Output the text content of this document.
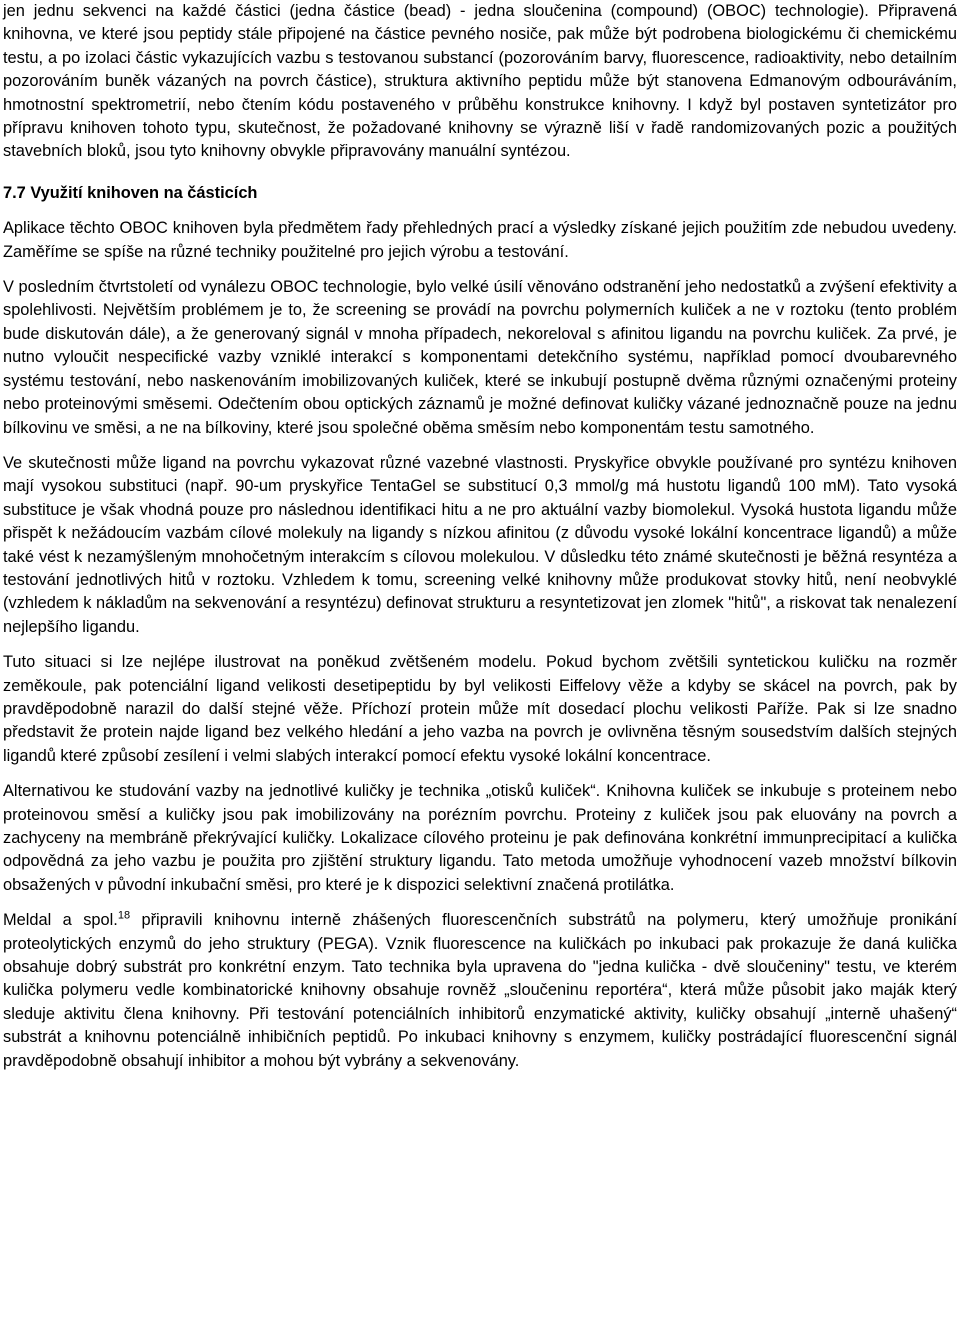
jen jednu sekvenci na každé částici (jedna částice (bead) - jedna sloučenina (compound) (OBOC) technologie). Připravená knihovna, ve které jsou peptidy stále připojené na částice pevného nosiče, pak může být podrobena biologickému či chemickému testu, a po izolaci částic vykazujících vazbu s testovanou substancí (pozorováním barvy, fluorescence, radioaktivity, nebo detailním pozorováním buněk vázaných na povrch částice), struktura aktivního peptidu může být stanovena Edmanovým odbouráváním, hmotnostní spektrometrií, nebo čtením kódu postaveného v průběhu konstrukce knihovny. I když byl postaven syntetizátor pro přípravu knihoven tohoto typu, skutečnost, že požadované knihovny se výrazně liší v řadě randomizovaných pozic a použitých stavebních bloků, jsou tyto knihovny obvykle připravovány manuální syntézou.

7.7 Využití knihoven na částicích

Aplikace těchto OBOC knihoven byla předmětem řady přehledných prací a výsledky získané jejich použitím zde nebudou uvedeny. Zaměříme se spíše na různé techniky použitelné pro jejich výrobu a testování.

V posledním čtvrtstoletí od vynálezu OBOC technologie, bylo velké úsilí věnováno odstranění jeho nedostatků a zvýšení efektivity a spolehlivosti. Největším problémem je to, že screening se provádí na povrchu polymerních kuliček a ne v roztoku (tento problém bude diskutován dále), a že generovaný signál v mnoha případech, nekoreloval s afinitou ligandu na povrchu kuliček. Za prvé, je nutno vyloučit nespecifické vazby vzniklé interakcí s komponentami detekčního systému, například pomocí dvoubarevného systému testování, nebo naskenováním imobilizovaných kuliček, které se inkubují postupně dvěma různými označenými proteiny nebo proteinovými směsemi. Odečtením obou optických záznamů je možné definovat kuličky vázané jednoznačně pouze na jednu bílkovinu ve směsi, a ne na bílkoviny, které jsou společné oběma směsím nebo komponentám testu samotného.

Ve skutečnosti může ligand na povrchu vykazovat různé vazebné vlastnosti. Pryskyřice obvykle používané pro syntézu knihoven mají vysokou substituci (např. 90-um pryskyřice TentaGel se substitucí 0,3 mmol/g má hustotu ligandů 100 mM). Tato vysoká substituce je však vhodná pouze pro následnou identifikaci hitu a ne pro aktuální vazby biomolekul. Vysoká hustota ligandu může přispět k nežádoucím vazbám cílové molekuly na ligandy s nízkou afinitou (z důvodu vysoké lokální koncentrace ligandů) a může také vést k nezamýšleným mnohočetným interakcím s cílovou molekulou. V důsledku této známé skutečnosti je běžná resyntéza a testování jednotlivých hitů v roztoku. Vzhledem k tomu, screening velké knihovny může produkovat stovky hitů, není neobvyklé (vzhledem k nákladům na sekvenování a resyntézu) definovat strukturu a resyntetizovat jen zlomek "hitů", a riskovat tak nenalezení nejlepšího ligandu.

Tuto situaci si lze nejlépe ilustrovat na poněkud zvětšeném modelu. Pokud bychom zvětšili syntetickou kuličku na rozměr zeměkoule, pak potenciální ligand velikosti desetipeptidu by byl velikosti Eiffelovy věže a kdyby se skácel na povrch, pak by pravděpodobně narazil do další stejné věže. Příchozí protein může mít dosedací plochu velikosti Paříže. Pak si lze snadno představit že protein najde ligand bez velkého hledání a jeho vazba na povrch je ovlivněna těsným sousedstvím dalších stejných ligandů které způsobí zesílení i velmi slabých interakcí pomocí efektu vysoké lokální koncentrace.

Alternativou ke studování vazby na jednotlivé kuličky je technika „otisků kuliček“. Knihovna kuliček se inkubuje s proteinem nebo proteinovou směsí a kuličky jsou pak imobilizovány na porézním povrchu. Proteiny z kuliček jsou pak eluovány na povrch a zachyceny na membráně překrývající kuličky. Lokalizace cílového proteinu je pak definována konkrétní immunprecipitací a kulička odpovědná za jeho vazbu je použita pro zjištění struktury ligandu. Tato metoda umožňuje vyhodnocení vazeb množství bílkovin obsažených v původní inkubační směsi, pro které je k dispozici selektivní značená protilátka.

Meldal a spol.$^{18}$ připravili knihovnu interně zhášených fluorescenčních substrátů na polymeru, který umožňuje pronikání proteolytických enzymů do jeho struktury (PEGA). Vznik fluorescence na kuličkách po inkubaci pak prokazuje že daná kulička obsahuje dobrý substrát pro konkrétní enzym. Tato technika byla upravena do "jedna kulička - dvě sloučeniny" testu, ve kterém kulička polymeru vedle kombinatorické knihovny obsahuje rovněž „sloučeninu reportéra“, která může působit jako maják který sleduje aktivitu člena knihovny. Při testování potenciálních inhibitorů enzymatické aktivity, kuličky obsahují „interně uhašený“ substrát a knihovnu potenciálně inhibičních peptidů. Po inkubaci knihovny s enzymem, kuličky postrádající fluorescenční signál pravděpodobně obsahují inhibitor a mohou být vybrány a sekvenovány.
